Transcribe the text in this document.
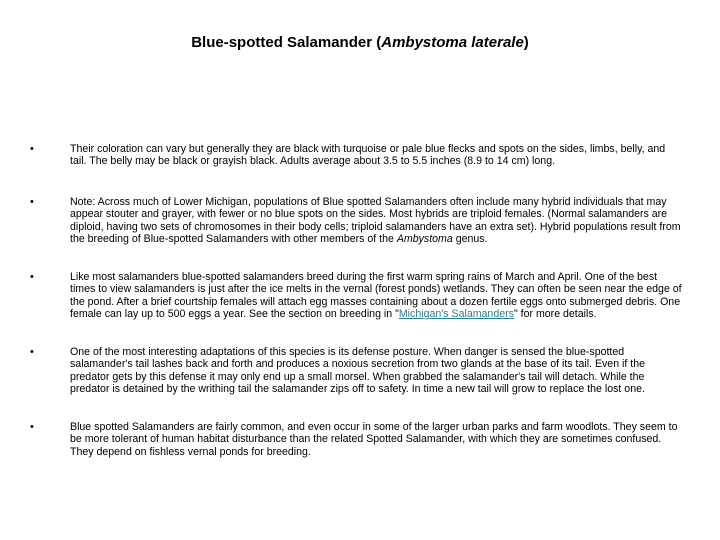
Blue-spotted Salamander (Ambystoma laterale)
•	Their coloration can vary but generally they are black with turquoise or pale blue flecks and spots on the sides, limbs, belly, and tail. The belly may be black or grayish black. Adults average about 3.5 to 5.5 inches (8.9 to 14 cm) long.
•	Note: Across much of Lower Michigan, populations of Blue spotted Salamanders often include many hybrid individuals that may appear stouter and grayer, with fewer or no blue spots on the sides. Most hybrids are triploid females. (Normal salamanders are diploid, having two sets of chromosomes in their body cells; triploid salamanders have an extra set). Hybrid populations result from the breeding of Blue-spotted Salamanders with other members of the Ambystoma genus.
•	Like most salamanders blue-spotted salamanders breed during the first warm spring rains of March and April. One of the best times to view salamanders is just after the ice melts in the vernal (forest ponds) wetlands. They can often be seen near the edge of the pond. After a brief courtship females will attach egg masses containing about a dozen fertile eggs onto submerged debris. One female can lay up to 500 eggs a year. See the section on breeding in "Michigan's Salamanders" for more details.
•	One of the most interesting adaptations of this species is its defense posture. When danger is sensed the blue-spotted salamander's tail lashes back and forth and produces a noxious secretion from two glands at the base of its tail. Even if the predator gets by this defense it may only end up a small morsel. When grabbed the salamander's tail will detach. While the predator is detained by the writhing tail the salamander zips off to safety. In time a new tail will grow to replace the lost one.
•	Blue spotted Salamanders are fairly common, and even occur in some of the larger urban parks and farm woodlots. They seem to be more tolerant of human habitat disturbance than the related Spotted Salamander, with which they are sometimes confused. They depend on fishless vernal ponds for breeding.
